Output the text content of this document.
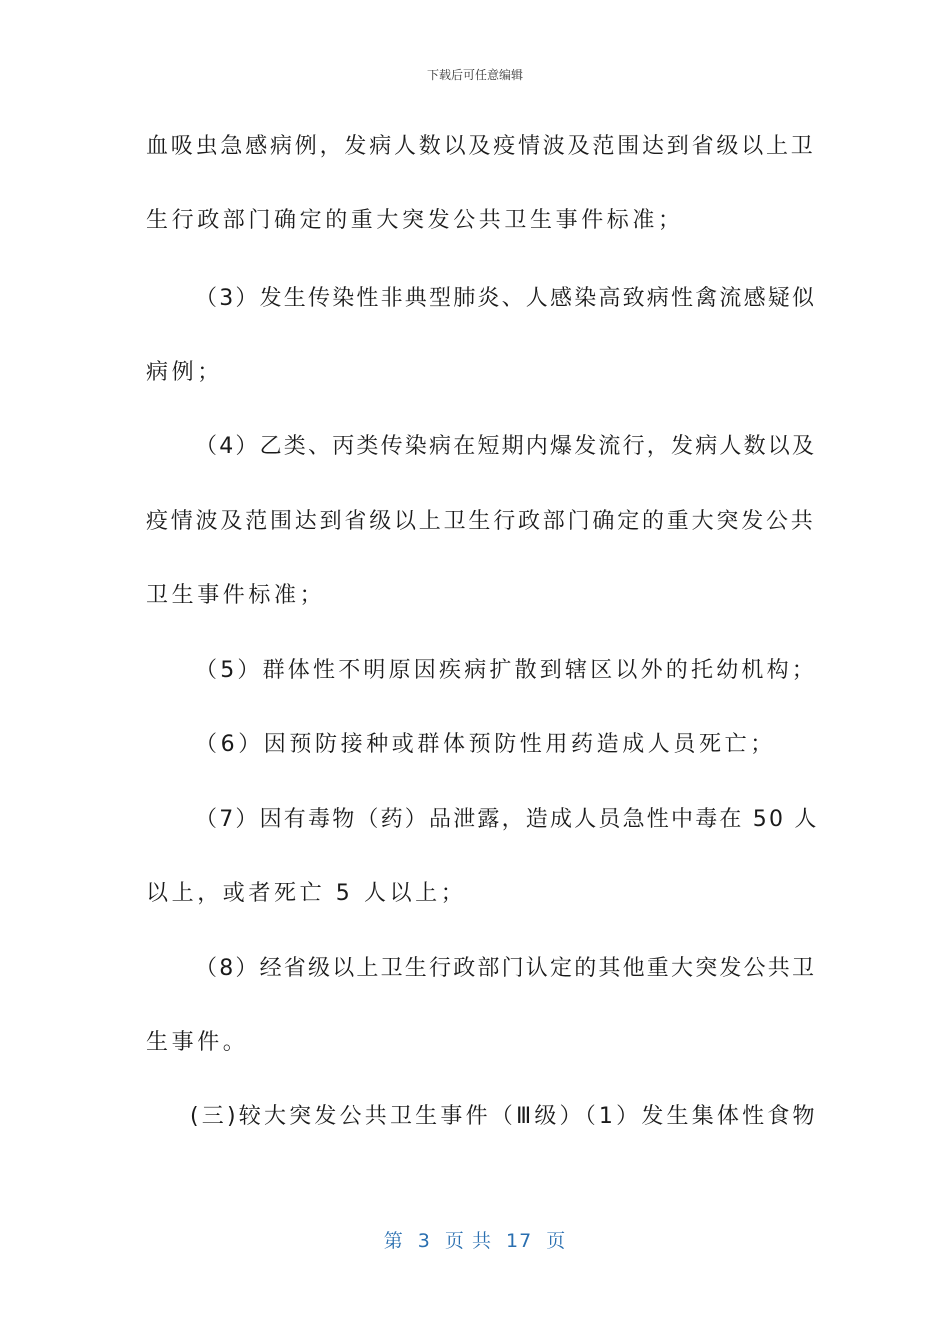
下载后可任意编辑
血吸虫急感病例，发病人数以及疫情波及范围达到省级以上卫
生行政部门确定的重大突发公共卫生事件标准；
（3）发生传染性非典型肺炎、人感染高致病性禽流感疑似
病例；
（4）乙类、丙类传染病在短期内爆发流行，发病人数以及
疫情波及范围达到省级以上卫生行政部门确定的重大突发公共
卫生事件标准；
（5）群体性不明原因疾病扩散到辖区以外的托幼机构；
（6）因预防接种或群体预防性用药造成人员死亡；
（7）因有毒物（药）品泄露，造成人员急性中毒在 50 人
以上，或者死亡 5 人以上；
（8）经省级以上卫生行政部门认定的其他重大突发公共卫
生事件。
(三)较大突发公共卫生事件（Ⅲ级）（1）发生集体性食物
第  3  页 共  17  页
